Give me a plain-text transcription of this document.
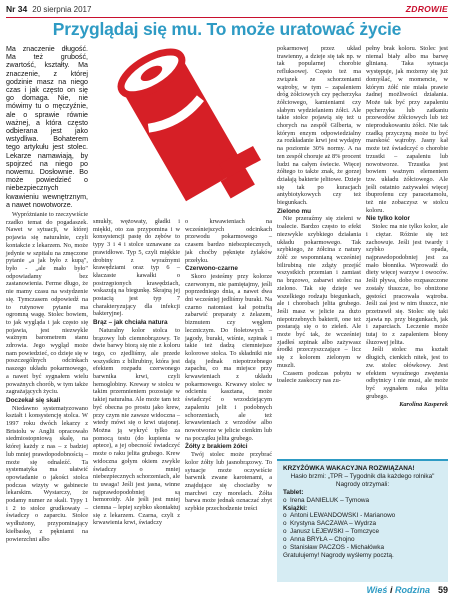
Nr 34 20 sierpnia 2017	ZDROWIE
Przyglądaj się mu. To może uratować życie

Ma znaczenie długość. Ma też grubość, zwartość, kształty. Ma znaczenie, z której godzinie masz na niego czas i jak często on się go domaga. Nie, nie mówimy tu o męczyźnie, ale o sprawie równie ważnej, a która często odbierana jest jako wstydliwa. Bohaterem tego artykułu jest stolec. Lekarze namawiają, by spojrzeć na niego po nowemu. Dosłownie. Bo może powiedzieć o niebezpiecznych kwawieniu wewnętrznym, a nawet nowotworze.

Wypróżnianie to rzeczywiście rzadko temat do pogadaszek. Nawet w sytuacji, w której pojawia się naturalnie, czyli kontakcie z lekarzem. No, może jedynie w szpitalu na zmęczone pytanie „a jak było z kupą", było - „ale mało było" odpowiadamy bez zastanowienia. Ferme długo, że nie mamy czasu na wstydzenie się. Tymczasem odpowiedź na to rutynowe pytanie ma ogromną wagę. Stolec bowiem, to jak wygląda i jak często się pojawia, jest niezwykle ważnym barometrem stanu zdrowia. Jego wygląd może nam powiedzieć, co dzieje się w poszczególnych odcinkach naszego układu pokarmowego, a nawet być sygnałem wielu poważnych chorób, w tym także zagrażających życiu.

Doczekał się skali

Niedawno systematyzowano kształt i konsystencję stolca. W 1997 roku dwóch lekarzy z Bristolu w Anglii opracowało siedmiostopniową skalę, na której każdy z nas – z badziej lub mniej prawdopodobnością – może się odnaleźć. Ta systematyka ma ułatwić opowiadanie o jakości stolca podczas wizyty w gabinecie lekarskim. Wystarczy, że podamy numer ze skali. Typy 1 i 2 to stolce grudkowaty – świadczy o zaparciu. Stolce wydłużony, przypominający kiełbaskę, z pękniami na powierzchni albo

smukły, wężowaty, gładki i miękki, oto zas przypomina i w konsystencji pastę do zębów to typy 3 i 4 i stolce uznawane za prawidłowe. Typ 5, czyli miękkie drobiny z wyraźnymi krawędziami oraz typ 6 – kłaczaste kawałki o postrzępionych krawędziach, wskazują na biegunkę. Skrajną jej postacią jest typ 7 charakteryzujący dla infekcji bakteryjnej.

Brąz – jak chciała natura

Naturalny kolor stolca to brązowy lub ciemnobrązowy. Te dwie barwy biorą się nie z koloru tego, co zjedliśmy, ale przede wszystkim z bilirubiny, która jest efektem rozpadu czerwonego barwnika krwi, czyli hemoglobiny. Kreway w stolcu w takim przemnieniem pozostaje w takiej naturalna. Ale może tam też być obecna po prostu jako krew, przy czym nie zawsze widoczna – wtedy mówi się o krwi utajonej. Można ją wykryć tylko za pomocą testu (do kupienia w aptece), a jej obecność świadczyć może o raku jelita grubego. Krew widoczna gołym okiem zwykle świadczy o mniej niebezpiecznych schorzeniach, ale tu uwaga! Jeśli jest jasna, winne najprawdopodobniej są hemoroidy. Ale jeśli jest mniej ciemna – lepiej szybko skontaktuj się z lekarzem. Czarna, czyli z krwawienia krwi, świadczy

o krwawieniach na wcześniejszych odcinkach przewodu pokarmowego – czasem bardzo niebezpiecznych, jak choćby pęknięte żylaków przełyku.

Czerwono-czarne

Skoro jesteśmy przy kolorze czerwonym, nie pamiętajmy, jeśli poprzedniego dnia, a nawet dwa dni wcześniej jedliśmy buraki. Na czarno natomiast kał potrafią zabarwić preparaty z żelazem, bizmutem czy węglem leczniczym. Do fioletowych – jagody, buraki, wiśnie, szpinak i takie też dadzą ciemniejsze kolorowe stolca. To składniki nie dają jednak niepotrzebnego zapachu, co ma miejsce przy krwawieniach z układu pokarmowego. Krwawy stolec w odcieniu kasztana, może świadczyć o wrzodziejącym zapaleniu jelit i podobnych schorzeniach, ale też krwawieniach z wrzodów albo nowotworze w jelicie cienkim lub na początku jelita grubego.

Żółty z brakiem żółci

Twój stolec może przybrać kolor żółty lub jasnobrązowy. To sytuacje może oczywiście barwnik zwane karotenami, a znajdujące się chociażby w marchwi czy morelach. Żółta barwa może jednak oznaczać zbyt szybkie przechodzenie treści

pokarmowej przez układ trawienny, a dzieje się tak np. w tak popularnej chorobie refluksowej. Często też ma związek ze schorzeniami wątroby, w tym – zapaleniem dróg żółciowych czy pęcherzyka żółciowego, kamieniami czy słabym wydzielaniem żółci. Ale takie stolce pojawią się też u chorych na zespół Gilberta, w którym enzym odpowiedzialny za rozkładanie krwi jest wydajny na poziomie 30% normy. A na ten zespół choruje aż 8% procent ludzi na całym świecie. Więcej żółtego to także znak, że gorzej działają bakterie jelitowe. Dzieje się tak po kuracjach antybiotykowych czy też biegunkach.

Zielono mu

Nie przeraźmy się zieleni w toalecie. Bardzo często to efekt niezwykle szybkiego działania układu pokarmowego. Tak szybkiego, że żółcina z natury żółć ze wspomnianą wcześniej bilirubiną nie zdąży przejść wszystkich przemian i zamiast na brązowo, zabarwi stolec na zielono. Tak się dzieje we wszelkiego rodzaju biegunkach, ale i chorobach jelita grubego. Jeśli masz w jelicie za dużo niepotrzebnych bakterii, one też postarają się o to zieleń. Ale może być tak, że wcześniej zjadłeś szpinak albo zażywasz środki przeczyszczające – licz się z kolorem zielonym w muszli.

Czasem podczas pobytu w toalecie zaskoczy nas zu-

pełny brak koloru. Stolec jest niemal biały albo ma barwę glinianą. Taka sytuacja występuje, jak możemy się już domyślać, w momencie, w którym żółć nie miała prawie żadnej możliwości działania. Może tak być przy zapaleniu pęcherzyka lub zatkaniu przewodów żółciowych lub też nieprodukowaniu żółci. Nie tak rzadką przyczyną może tu być marskość wątroby. Jasny kał może też świadczyć o chorobie trzustki – zapaleniu lub nowotworze. Trzustka jest bowiem ważnym elementem tzw. układu żółciowego. Ale jeśli ostatnio zażywałeś więcej ibuprofenu czy paracetamolu, też nie zobaczysz w stolcu koloru.

Nie tylko kolor

Stolec ma nie tylko kolor, ale i ciężar. Różnie się też zachowuje. Jeśli jest twardy i szybko opada, najprawdopodobniej jest za mało błonnika. Wprowadź do diety więcej warzyw i owoców. Jeśli pływa, dobo rozpaszczone zostały tłuszcze, bo obniżone gęstości pracowała wątroba. Jeśli zaś jest w nim tłuszcz, nie przetrawił się. Stolec się taki zjawia np. przy biegunkach, jak i zaparciach. Leczenie może tutaj to z zapaleniem błony śluzowej jelita.

Jeśli stolec ma kształt długich, cienkich nitek, jest to zw. stolec ołówkowy. Jest efektem wyraźnego zwężenia odbytnicy i nie musi, ale może być sygnałem raka jelita grubego.

Karolina Kasperek

KRZYŻÓWKA WAKACYJNA ROZWIĄZANA!
Hasło brzmi: „TPR – Tygodnik dla każdego rolnika"
Nagrody otrzymali:
Tablet:
o Irena DANIELUK – Tymowa
Książki:
o Antoni LEWANDOWSKI - Marianowo
o Krystyna SACZAWA – Wydrza
o Janusz LEJEWSKI – Tomczyce
o Anna BRYŁA – Chojno
o Stanisław PACZOS - Michałówka
Gratulujemy! Nagrody wyślemy pocztą.
Wieś i Rodzina 59
